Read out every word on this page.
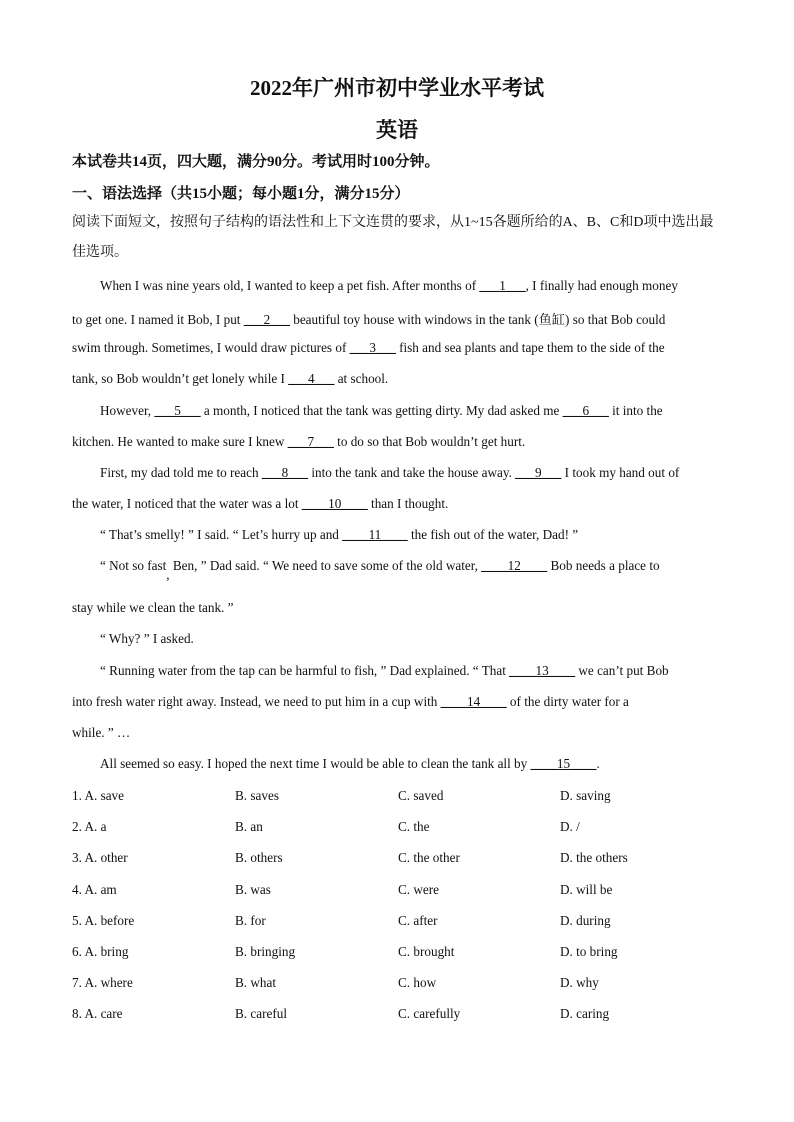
2022年广州市初中学业水平考试
英语
本试卷共14页，四大题，满分90分。考试用时100分钟。
一、语法选择（共15小题；每小题1分，满分15分）
阅读下面短文，按照句子结构的语法性和上下文连贯的要求，从1~15各题所给的A、B、C和D项中选出最佳选项。
When I was nine years old, I wanted to keep a pet fish. After months of ___1___, I finally had enough money
to get one. I named it Bob, I put ___2___ beautiful toy house with windows in the tank (鱼缸) so that Bob could
swim through. Sometimes, I would draw pictures of ___3___ fish and sea plants and tape them to the side of the
tank, so Bob wouldn’t get lonely while I ___4___ at school.
However, ___5___ a month, I noticed that the tank was getting dirty. My dad asked me ___6___ it into the
kitchen. He wanted to make sure I knew ___7___ to do so that Bob wouldn’t get hurt.
First, my dad told me to reach ___8___ into the tank and take the house away. ___9___ I took my hand out of
the water, I noticed that the water was a lot ____10____ than I thought.
“ That’s smelly! ” I said. “ Let’s hurry up and ____11____ the fish out of the water, Dad! ”
“ Not so fast, Ben, ” Dad said. “ We need to save some of the old water, ____12____ Bob needs a place to
stay while we clean the tank. ”
“ Why? ” I asked.
“ Running water from the tap can be harmful to fish, ” Dad explained. “ That ____13____ we can’t put Bob
into fresh water right away. Instead, we need to put him in a cup with ____14____ of the dirty water for a
while. ” …
All seemed so easy. I hoped the next time I would be able to clean the tank all by ____15____.
1. A. save	B. saves	C. saved	D. saving
2. A. a	B. an	C. the	D. /
3. A. other	B. others	C. the other	D. the others
4. A. am	B. was	C. were	D. will be
5. A. before	B. for	C. after	D. during
6. A. bring	B. bringing	C. brought	D. to bring
7. A. where	B. what	C. how	D. why
8. A. care	B. careful	C. carefully	D. caring
